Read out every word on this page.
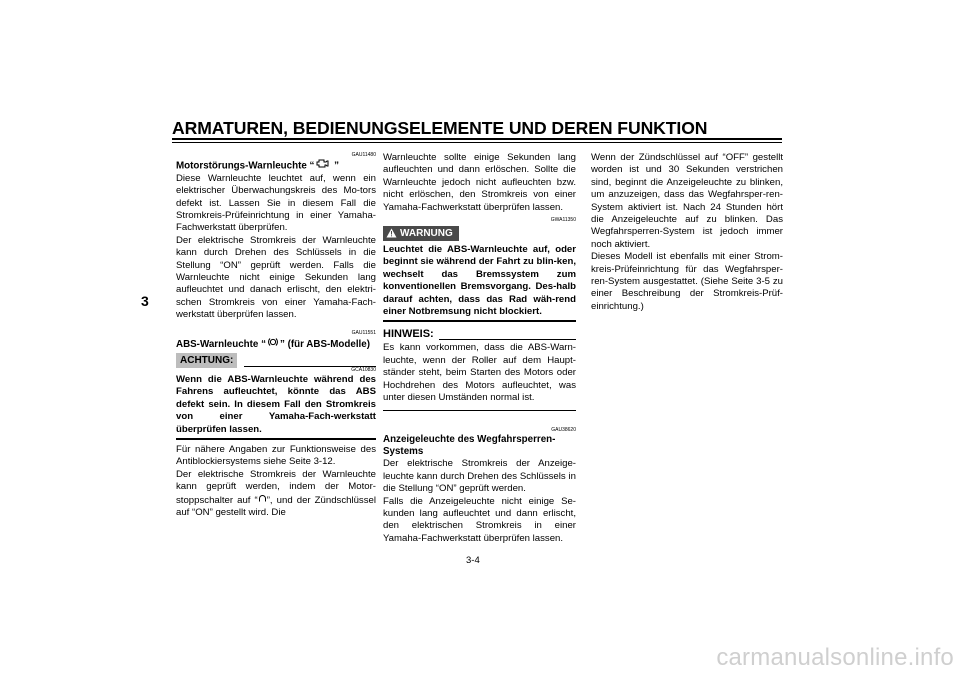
ARMATUREN, BEDIENUNGSELEMENTE UND DEREN FUNKTION
3
GAU11480
Motorstörungs-Warnleuchte “ ”

Diese Warnleuchte leuchtet auf, wenn ein elektrischer Überwachungskreis des Mo-tors defekt ist. Lassen Sie in diesem Fall die Stromkreis-Prüfeinrichtung in einer Yamaha-Fachwerkstatt überprüfen.

Der elektrische Stromkreis der Warnleuchte kann durch Drehen des Schlüssels in die Stellung “ON” geprüft werden. Falls die Warnleuchte nicht einige Sekunden lang aufleuchtet und danach erlischt, den elektri-schen Stromkreis von einer Yamaha-Fach-werkstatt überprüfen lassen.

GAU11551
ABS-Warnleuchte “ ” (für ABS-Modelle)
ACHTUNG:
GCA10830

Wenn die ABS-Warnleuchte während des Fahrens aufleuchtet, könnte das ABS defekt sein. In diesem Fall den Stromkreis von einer Yamaha-Fach-werkstatt überprüfen lassen.

Für nähere Angaben zur Funktionsweise des Antiblockiersystems siehe Seite 3-12.

Der elektrische Stromkreis der Warnleuchte kann geprüft werden, indem der Motor-stoppschalter auf “ ”, und der Zündschlüssel auf “ON” gestellt wird. Die

Warnleuchte sollte einige Sekunden lang aufleuchten und dann erlöschen. Sollte die Warnleuchte jedoch nicht aufleuchten bzw. nicht erlöschen, den Stromkreis von einer Yamaha-Fachwerkstatt überprüfen lassen.

GWA11350
WARNUNG

Leuchtet die ABS-Warnleuchte auf, oder beginnt sie während der Fahrt zu blin-ken, wechselt das Bremssystem zum konventionellen Bremsvorgang. Des-halb darauf achten, dass das Rad wäh-rend einer Notbremsung nicht blockiert.

HINWEIS:

Es kann vorkommen, dass die ABS-Warn-leuchte, wenn der Roller auf dem Haupt-ständer steht, beim Starten des Motors oder Hochdrehen des Motors aufleuchtet, was unter diesen Umständen normal ist.

GAU38620
Anzeigeleuchte des Wegfahrsperren-Systems

Der elektrische Stromkreis der Anzeige-leuchte kann durch Drehen des Schlüssels in die Stellung “ON” geprüft werden.

Falls die Anzeigeleuchte nicht einige Se-kunden lang aufleuchtet und dann erlischt, den elektrischen Stromkreis in einer Yamaha-Fachwerkstatt überprüfen lassen.

Wenn der Zündschlüssel auf “OFF” gestellt worden ist und 30 Sekunden verstrichen sind, beginnt die Anzeigeleuchte zu blinken, um anzuzeigen, dass das Wegfahrsper-ren-System aktiviert ist. Nach 24 Stunden hört die Anzeigeleuchte auf zu blinken. Das Wegfahrsperren-System ist jedoch immer noch aktiviert.

Dieses Modell ist ebenfalls mit einer Strom-kreis-Prüfeinrichtung für das Wegfahrsper-ren-System ausgestattet. (Siehe Seite 3-5 zu einer Beschreibung der Stromkreis-Prüf-einrichtung.)

3-4
carmanualsonline.info
